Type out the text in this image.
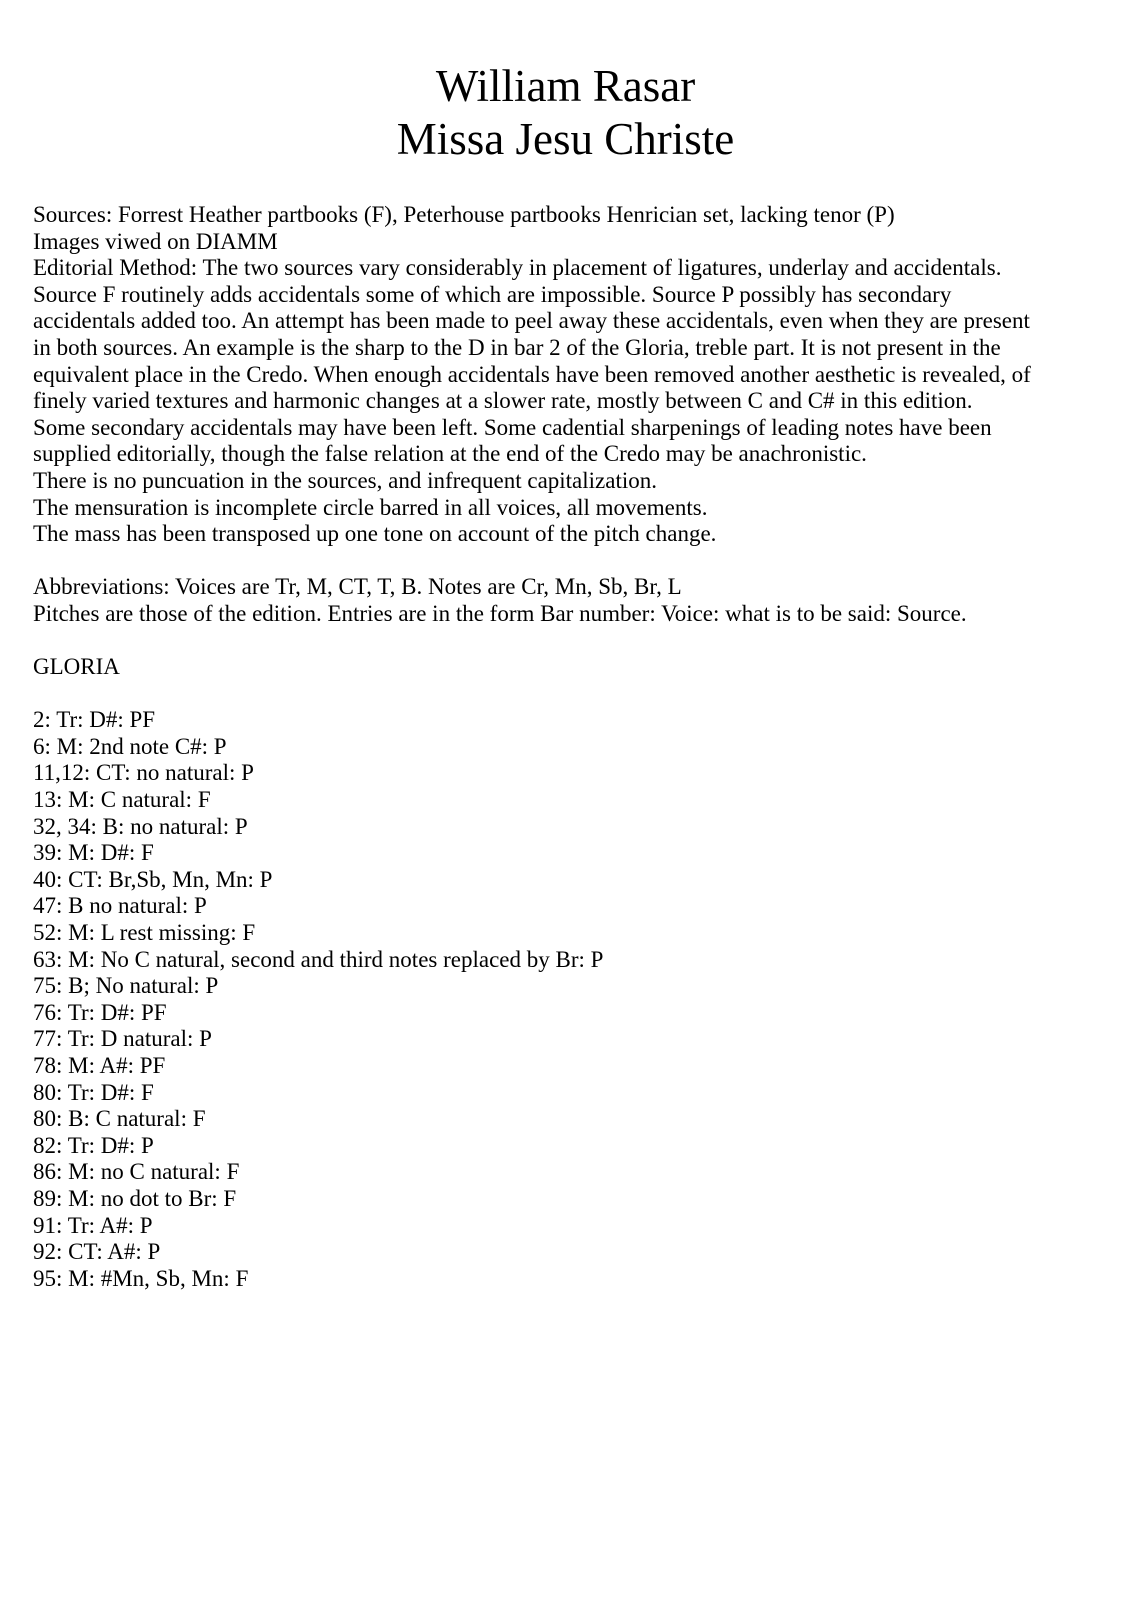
William Rasar
Missa Jesu Christe
Sources: Forrest Heather partbooks (F), Peterhouse partbooks Henrician set, lacking tenor (P)
Images viwed on DIAMM
Editorial Method: The two sources vary considerably in placement of ligatures, underlay and accidentals.
Source F routinely adds accidentals some of which are impossible. Source P possibly has secondary
accidentals added too. An attempt has been made to peel away these accidentals, even when they are present
in both sources. An example is the sharp to the D in bar 2 of the Gloria, treble part. It is not present in the
equivalent place in the Credo. When enough accidentals have been removed another aesthetic is revealed, of
finely varied textures and harmonic changes at a slower rate, mostly between C and C# in this edition.
Some secondary accidentals may have been left. Some cadential sharpenings of leading notes have been
supplied editorially, though the false relation at the end of the Credo may be anachronistic.
There is no puncuation in the sources, and infrequent capitalization.
The mensuration is incomplete circle barred in all voices, all movements.
The mass has been transposed up one tone on account of the pitch change.
Abbreviations: Voices are Tr, M, CT, T, B. Notes are Cr, Mn, Sb, Br, L
Pitches are those of the edition. Entries are in the form Bar number: Voice: what is to be said: Source.
GLORIA
2: Tr: D#: PF
6: M: 2nd note C#: P
11,12: CT: no natural: P
13: M: C natural: F
32, 34: B: no natural: P
39: M: D#: F
40: CT: Br,Sb, Mn, Mn: P
47: B no natural: P
52: M: L rest missing: F
63: M: No C natural, second and third notes replaced by Br: P
75: B; No natural: P
76: Tr: D#: PF
77: Tr: D natural: P
78: M: A#: PF
80: Tr: D#: F
80: B: C natural: F
82: Tr: D#: P
86: M: no C natural: F
89: M: no dot to Br: F
91: Tr: A#: P
92: CT: A#: P
95: M: #Mn, Sb, Mn: F
